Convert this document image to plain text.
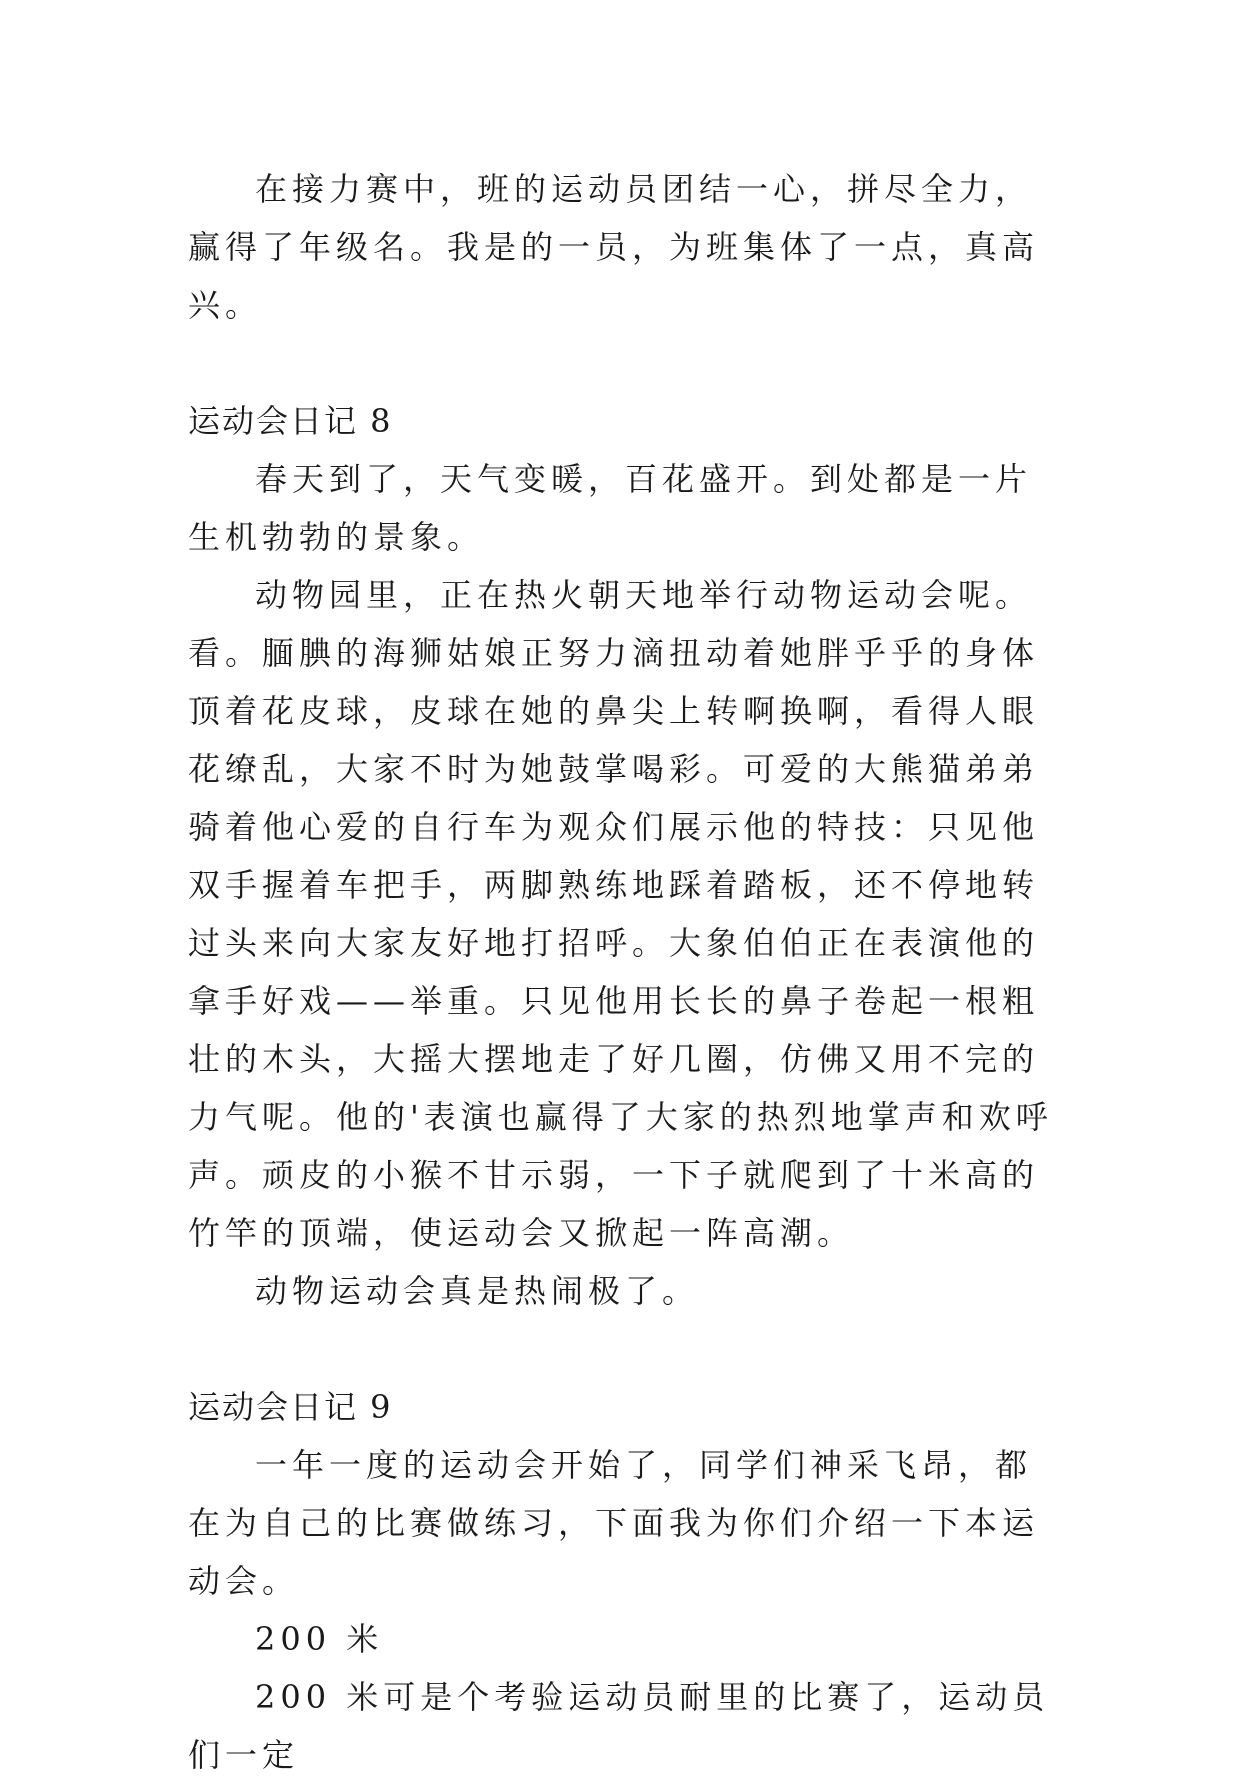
在接力赛中，班的运动员团结一心，拼尽全力，赢得了年级名。我是的一员，为班集体了一点，真高兴。

运动会日记 8

春天到了，天气变暖，百花盛开。到处都是一片生机勃勃的景象。

动物园里，正在热火朝天地举行动物运动会呢。看。腼腆的海狮姑娘正努力滴扭动着她胖乎乎的身体顶着花皮球，皮球在她的鼻尖上转啊换啊，看得人眼花缭乱，大家不时为她鼓掌喝彩。可爱的大熊猫弟弟骑着他心爱的自行车为观众们展示他的特技：只见他双手握着车把手，两脚熟练地踩着踏板，还不停地转过头来向大家友好地打招呼。大象伯伯正在表演他的拿手好戏——举重。只见他用长长的鼻子卷起一根粗壮的木头，大摇大摆地走了好几圈，仿佛又用不完的力气呢。他的'表演也赢得了大家的热烈地掌声和欢呼声。顽皮的小猴不甘示弱，一下子就爬到了十米高的竹竿的顶端，使运动会又掀起一阵高潮。

动物运动会真是热闹极了。

运动会日记 9

一年一度的运动会开始了，同学们神采飞昂，都在为自己的比赛做练习，下面我为你们介绍一下本运动会。

200 米

200 米可是个考验运动员耐里的比赛了，运动员们一定
